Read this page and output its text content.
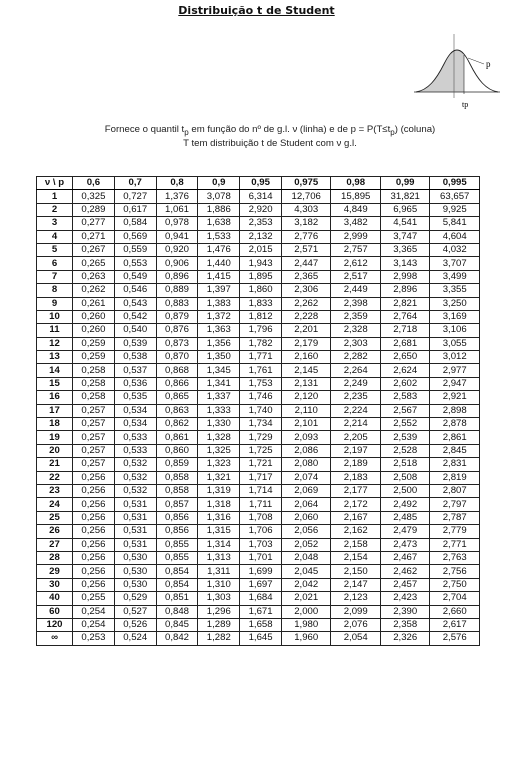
Distribuição t de Student
p
tp
Fornece o quantil $t_p$ em função do nº de g.l. ν (linha) e de $p = P(T\le t_p)$ (coluna)
T tem distribuição t de Student com ν g.l.
ν \ p	0,6	0,7	0,8	0,9	0,95	0,975	0,98	0,99	0,995
1	0,325	0,727	1,376	3,078	6,314	12,706	15,895	31,821	63,657
2	0,289	0,617	1,061	1,886	2,920	4,303	4,849	6,965	9,925
3	0,277	0,584	0,978	1,638	2,353	3,182	3,482	4,541	5,841
4	0,271	0,569	0,941	1,533	2,132	2,776	2,999	3,747	4,604
5	0,267	0,559	0,920	1,476	2,015	2,571	2,757	3,365	4,032
6	0,265	0,553	0,906	1,440	1,943	2,447	2,612	3,143	3,707
7	0,263	0,549	0,896	1,415	1,895	2,365	2,517	2,998	3,499
8	0,262	0,546	0,889	1,397	1,860	2,306	2,449	2,896	3,355
9	0,261	0,543	0,883	1,383	1,833	2,262	2,398	2,821	3,250
10	0,260	0,542	0,879	1,372	1,812	2,228	2,359	2,764	3,169
11	0,260	0,540	0,876	1,363	1,796	2,201	2,328	2,718	3,106
12	0,259	0,539	0,873	1,356	1,782	2,179	2,303	2,681	3,055
13	0,259	0,538	0,870	1,350	1,771	2,160	2,282	2,650	3,012
14	0,258	0,537	0,868	1,345	1,761	2,145	2,264	2,624	2,977
15	0,258	0,536	0,866	1,341	1,753	2,131	2,249	2,602	2,947
16	0,258	0,535	0,865	1,337	1,746	2,120	2,235	2,583	2,921
17	0,257	0,534	0,863	1,333	1,740	2,110	2,224	2,567	2,898
18	0,257	0,534	0,862	1,330	1,734	2,101	2,214	2,552	2,878
19	0,257	0,533	0,861	1,328	1,729	2,093	2,205	2,539	2,861
20	0,257	0,533	0,860	1,325	1,725	2,086	2,197	2,528	2,845
21	0,257	0,532	0,859	1,323	1,721	2,080	2,189	2,518	2,831
22	0,256	0,532	0,858	1,321	1,717	2,074	2,183	2,508	2,819
23	0,256	0,532	0,858	1,319	1,714	2,069	2,177	2,500	2,807
24	0,256	0,531	0,857	1,318	1,711	2,064	2,172	2,492	2,797
25	0,256	0,531	0,856	1,316	1,708	2,060	2,167	2,485	2,787
26	0,256	0,531	0,856	1,315	1,706	2,056	2,162	2,479	2,779
27	0,256	0,531	0,855	1,314	1,703	2,052	2,158	2,473	2,771
28	0,256	0,530	0,855	1,313	1,701	2,048	2,154	2,467	2,763
29	0,256	0,530	0,854	1,311	1,699	2,045	2,150	2,462	2,756
30	0,256	0,530	0,854	1,310	1,697	2,042	2,147	2,457	2,750
40	0,255	0,529	0,851	1,303	1,684	2,021	2,123	2,423	2,704
60	0,254	0,527	0,848	1,296	1,671	2,000	2,099	2,390	2,660
120	0,254	0,526	0,845	1,289	1,658	1,980	2,076	2,358	2,617
∞	0,253	0,524	0,842	1,282	1,645	1,960	2,054	2,326	2,576
